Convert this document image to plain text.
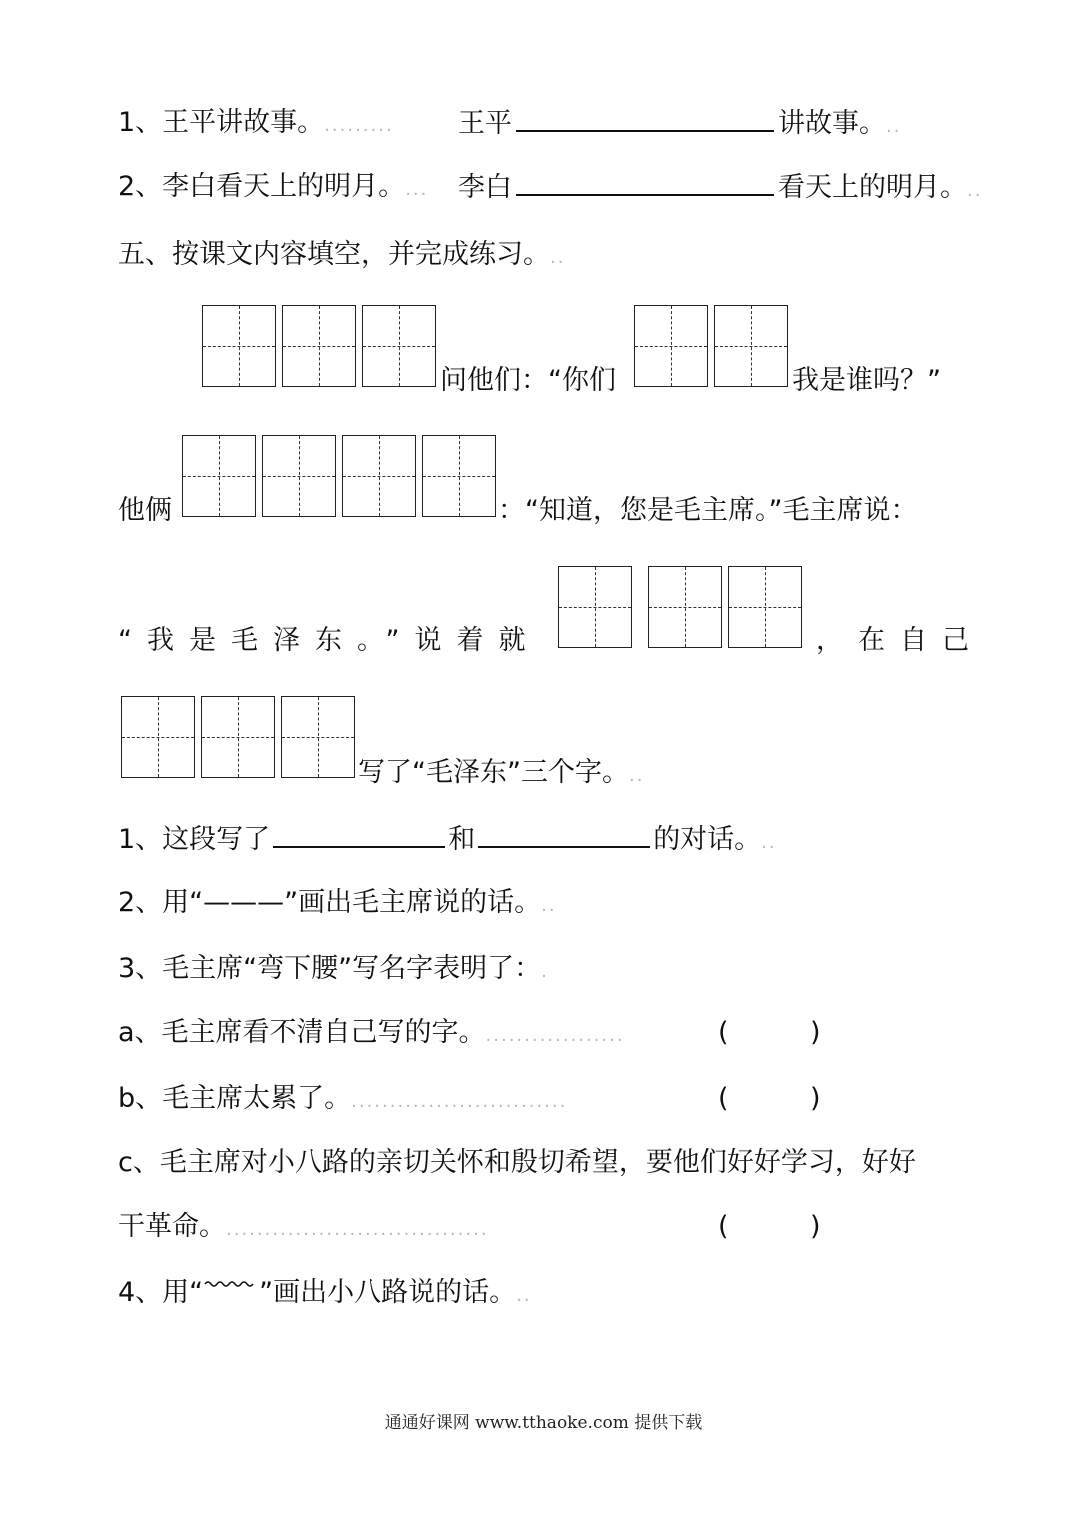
1、王平讲故事。......... 王平	讲故事。..
2、李白看天上的明月。... 李白	看天上的明月。..
五、按课文内容填空，并完成练习。..
问他们：“你们	我是谁吗？”
他俩	：“知道，您是毛主席。”毛主席说：
“我是毛泽东。”说着就	，在自己
写了“毛泽东”三个字。..
1、这段写了	和	的对话。..
2、用“———”画出毛主席说的话。..
3、毛主席“弯下腰”写名字表明了：.
a、毛主席看不清自己写的字。..................	(	)
b、毛主席太累了。............................	(	)
c、毛主席对小八路的亲切关怀和殷切希望，要他们好好学习，好好
干革命。..................................	(	)
4、用“ ”画出小八路说的话。..
通通好课网 www.tthaoke.com 提供下载
